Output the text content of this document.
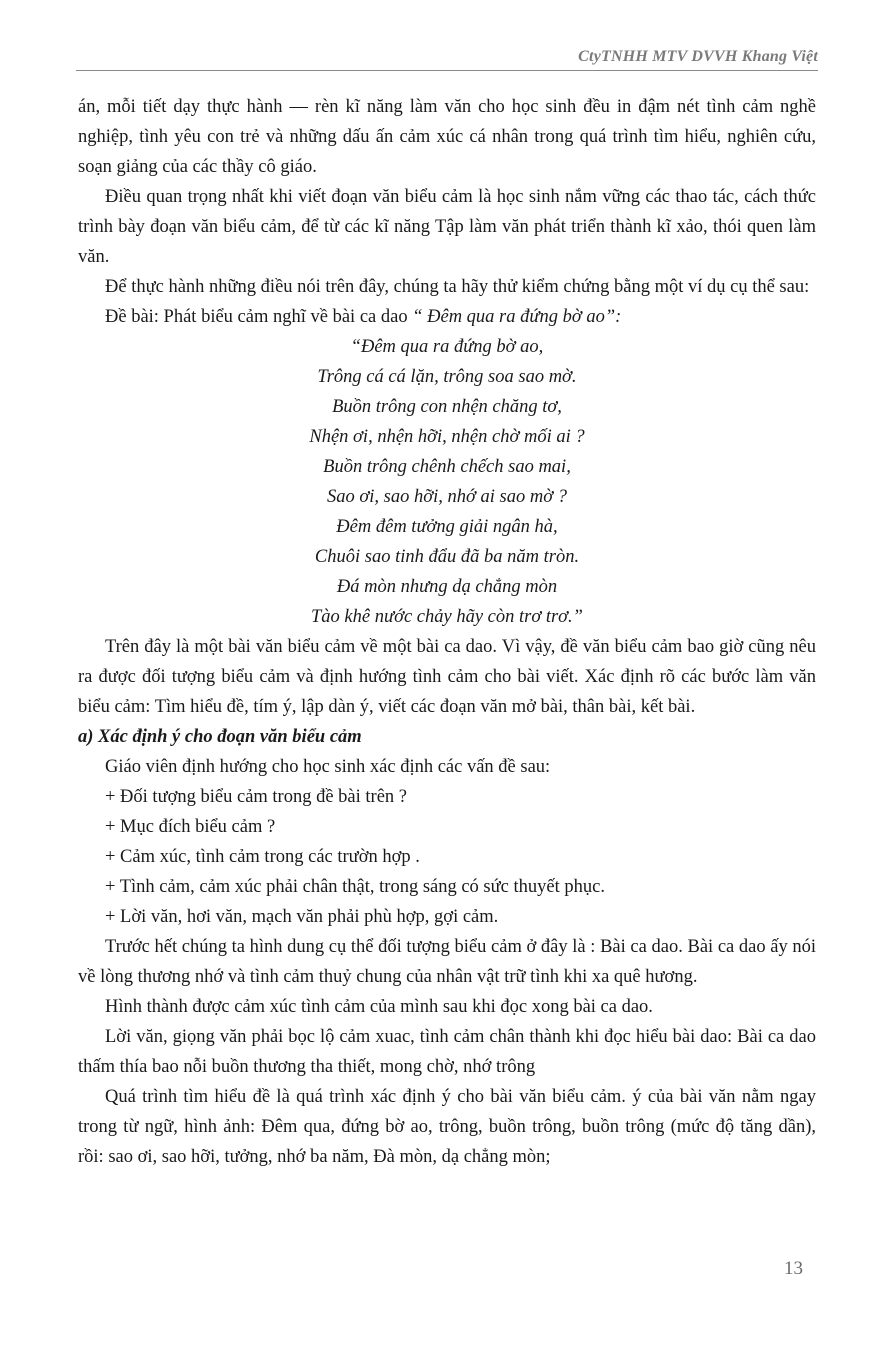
CtyTNHH MTV DVVH Khang Việt

án, mỗi tiết dạy thực hành — rèn kĩ năng làm văn cho học sinh đều in đậm nét tình cảm nghề nghiệp, tình yêu con trẻ và những dấu ấn cảm xúc cá nhân trong quá trình tìm hiểu, nghiên cứu, soạn giảng của các thầy cô giáo.

Điều quan trọng nhất khi viết đoạn văn biểu cảm là học sinh nắm vững các thao tác, cách thức trình bày đoạn văn biểu cảm, để từ các kĩ năng Tập làm văn phát triển thành kĩ xảo, thói quen làm văn.

Để thực hành những điều nói trên đây, chúng ta hãy thử kiểm chứng bằng một ví dụ cụ thể sau:

Đề bài: Phát biểu cảm nghĩ về bài ca dao “ Đêm qua ra đứng bờ ao”:

“Đêm qua ra đứng bờ ao,
Trông cá cá lặn, trông soa sao mờ.
Buồn trông con nhện chăng tơ,
Nhện ơi, nhện hỡi, nhện chờ mối ai ?
Buồn trông chênh chếch sao mai,
Sao ơi, sao hỡi, nhớ ai sao mờ ?
Đêm đêm tưởng giải ngân hà,
Chuôi sao tinh đẩu đã ba năm tròn.
Đá mòn nhưng dạ chẳng mòn
Tào khê nước chảy hãy còn trơ trơ.”

Trên đây là một bài văn biểu cảm về một bài ca dao. Vì vậy, đề văn biểu cảm bao giờ cũng nêu ra được đối tượng biểu cảm và định hướng tình cảm cho bài viết. Xác định rõ các bước làm văn biểu cảm: Tìm hiểu đề, tím ý, lập dàn ý, viết các đoạn văn mở bài, thân bài, kết bài.

a) Xác định ý cho đoạn văn biểu cảm

Giáo viên định hướng cho học sinh xác định các vấn đề sau:

+ Đối tượng biểu cảm trong đề bài trên ?
+ Mục đích biểu cảm ?
+ Cảm xúc, tình cảm trong các trườn hợp .
+ Tình cảm, cảm xúc phải chân thật, trong sáng có sức thuyết phục.
+ Lời văn, hơi văn, mạch văn phải phù hợp, gợi cảm.

Trước hết chúng ta hình dung cụ thể đối tượng biểu cảm ở đây là : Bài ca dao. Bài ca dao ấy nói về lòng thương nhớ và tình cảm thuỷ chung của nhân vật trữ tình khi xa quê hương.

Hình thành được cảm xúc tình cảm của mình sau khi đọc xong bài ca dao.

Lời văn, giọng văn phải bọc lộ cảm xuac, tình cảm chân thành khi đọc hiểu bài dao: Bài ca dao thấm thía bao nỗi buồn thương tha thiết, mong chờ, nhớ trông

Quá trình tìm hiểu đề là quá trình xác định ý cho bài văn biểu cảm. ý của bài văn nằm ngay trong từ ngữ, hình ảnh: Đêm qua, đứng bờ ao, trông, buồn trông, buồn trông (mức độ tăng dần), rồi: sao ơi, sao hỡi, tưởng, nhớ ba năm, Đà mòn, dạ chẳng mòn;

13
